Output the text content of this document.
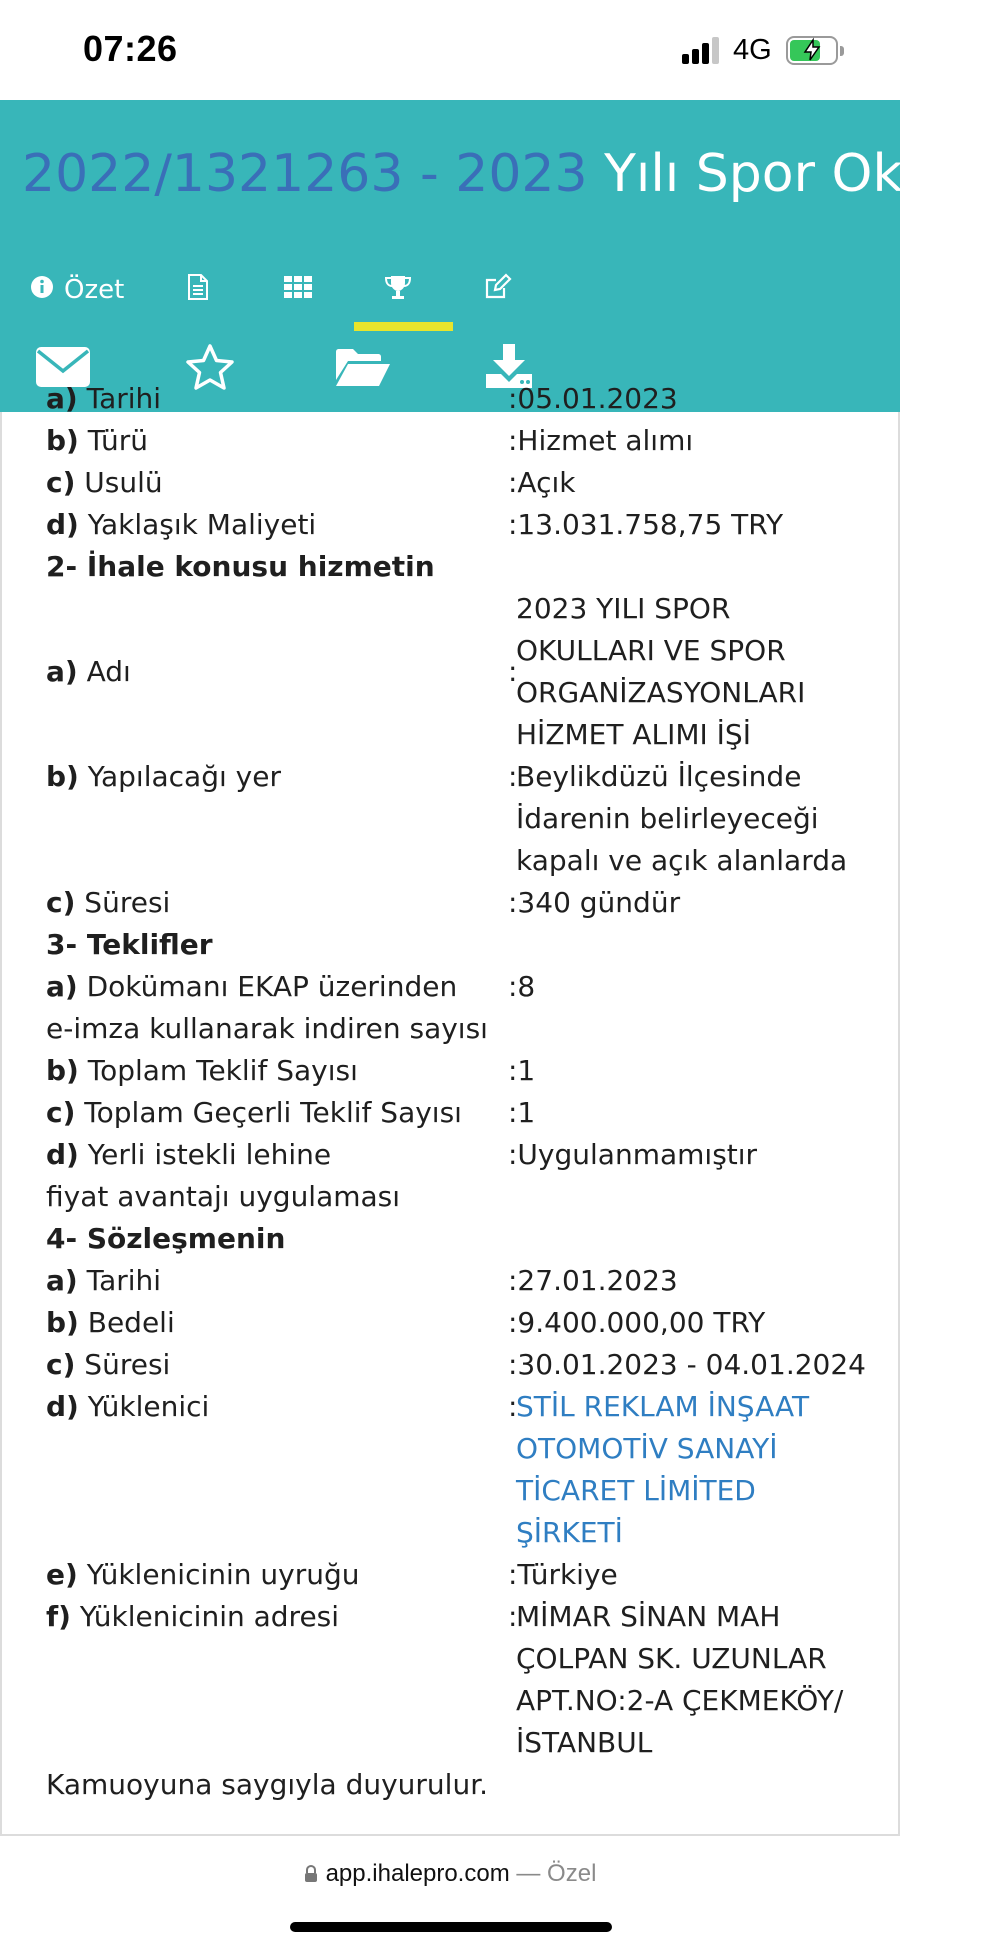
07:26	4G
2022/1321263 - 2023 Yılı Spor Oku...
Özet
a) Tarihi	:05.01.2023
b) Türü	:Hizmet alımı
c) Usulü	:Açık
d) Yaklaşık Maliyeti	:13.031.758,75 TRY
2- İhale konusu hizmetin
a) Adı	:
2023 YILI SPOR
OKULLARI VE SPOR
ORGANİZASYONLARI
HİZMET ALIMI İŞİ
b) Yapılacağı yer	:
Beylikdüzü İlçesinde
İdarenin belirleyeceği
kapalı ve açık alanlarda
c) Süresi	:340 gündür
3- Teklifler
a) Dokümanı EKAP üzerinden	:8
e-imza kullanarak indiren sayısı
b) Toplam Teklif Sayısı	:1
c) Toplam Geçerli Teklif Sayısı	:1
d) Yerli istekli lehine	:Uygulanmamıştır
fiyat avantajı uygulaması
4- Sözleşmenin
a) Tarihi	:27.01.2023
b) Bedeli	:9.400.000,00 TRY
c) Süresi	:30.01.2023 - 04.01.2024
d) Yüklenici	:
STİL REKLAM İNŞAAT
OTOMOTİV SANAYİ
TİCARET LİMİTED
ŞİRKETİ
e) Yüklenicinin uyruğu	:Türkiye
f) Yüklenicinin adresi	:
MİMAR SİNAN MAH
ÇOLPAN SK. UZUNLAR
APT.NO:2-A ÇEKMEKÖY/
İSTANBUL
Kamuoyuna saygıyla duyurulur.
app.ihalepro.com — Özel
